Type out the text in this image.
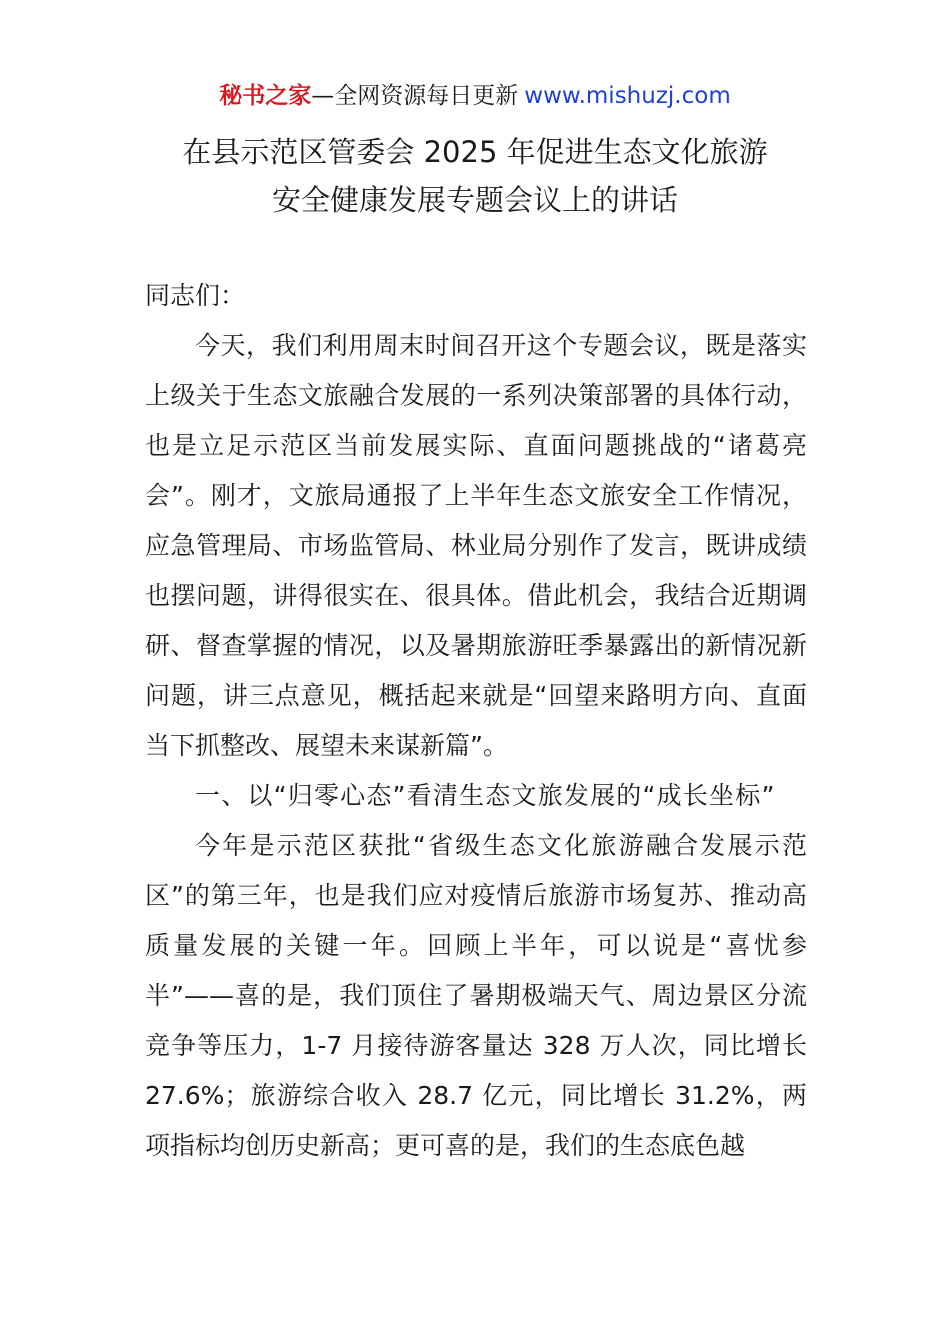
秘书之家—全网资源每日更新 www.mishuzj.com
在县示范区管委会 2025 年促进生态文化旅游
安全健康发展专题会议上的讲话

同志们：

今天，我们利用周末时间召开这个专题会议，既是落实上级关于生态文旅融合发展的一系列决策部署的具体行动，也是立足示范区当前发展实际、直面问题挑战的“诸葛亮会”。刚才，文旅局通报了上半年生态文旅安全工作情况，应急管理局、市场监管局、林业局分别作了发言，既讲成绩也摆问题，讲得很实在、很具体。借此机会，我结合近期调研、督查掌握的情况，以及暑期旅游旺季暴露出的新情况新问题，讲三点意见，概括起来就是“回望来路明方向、直面当下抓整改、展望未来谋新篇”。

一、以“归零心态”看清生态文旅发展的“成长坐标”

今年是示范区获批“省级生态文化旅游融合发展示范区”的第三年，也是我们应对疫情后旅游市场复苏、推动高质量发展的关键一年。回顾上半年，可以说是“喜忧参半”——喜的是，我们顶住了暑期极端天气、周边景区分流竞争等压力，1-7 月接待游客量达 328 万人次，同比增长 27.6%；旅游综合收入 28.7 亿元，同比增长 31.2%，两项指标均创历史新高；更可喜的是，我们的生态底色越
